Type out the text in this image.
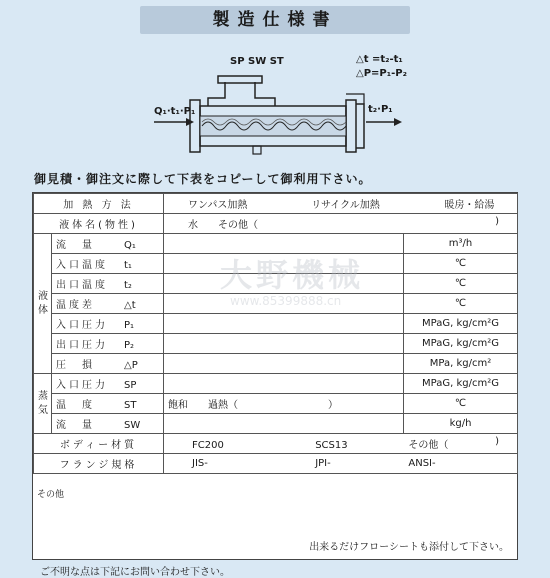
製造仕様書
SP SW ST	△t =t₂-t₁
△P=P₁-P₂
Q₁·t₁·P₁	t₂·P₁
御見積・御注文に際して下表をコピーして御利用下さい。
加 熱 方 法		ワンパス加熱 リサイクル加熱 暖房・給湯	
液体名(物性)		水　　その他（ )	

液
体	流　量 Q₁		m³/h
	入口温度 t₁		℃
	出口温度 t₂		℃
	温度差 △t		℃
	入口圧力 P₁		MPaG, kg/cm²G
	出口圧力 P₂		MPaG, kg/cm²G
	圧　損 △P		MPa, kg/cm²

蒸
気	入口圧力 SP		MPaG, kg/cm²G
	温　度 ST	飽和　　過熱（　　　　　　　　　）	℃
	流　量 SW		kg/h
ボディー材質		FC200 SCS13 その他（ )	

フランジ規格		JIS- JPI- ANSI-	
その他
出来るだけフローシートも添付して下さい。
大野機械
www.85399888.cn
ご不明な点は下記にお問い合わせ下さい。
